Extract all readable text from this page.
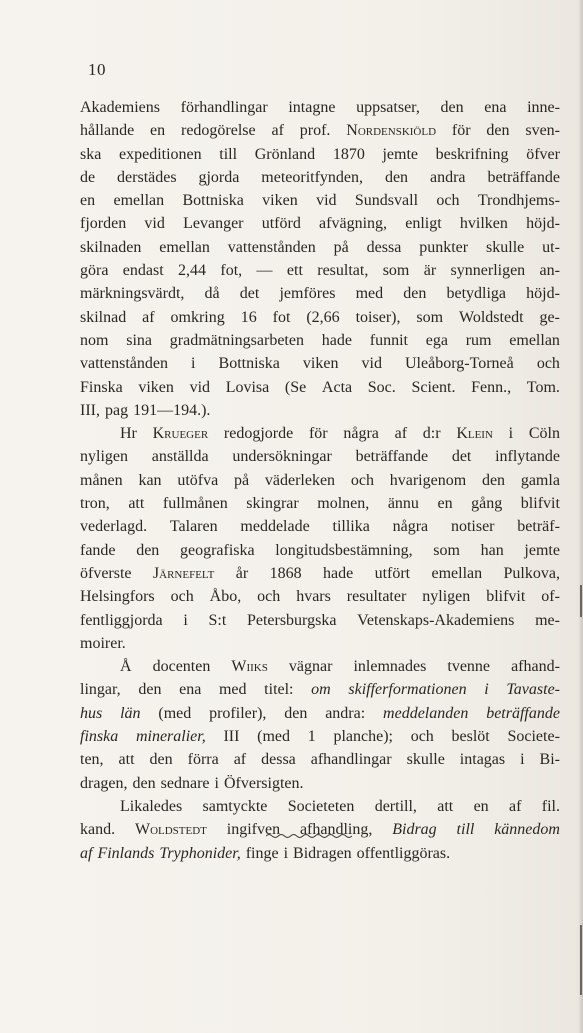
10
Akademiens förhandlingar intagne uppsatser, den ena inne-
hållande en redogörelse af prof. Nordenskiöld för den sven-
ska expeditionen till Grönland 1870 jemte beskrifning öfver
de derstädes gjorda meteoritfynden, den andra beträffande
en emellan Bottniska viken vid Sundsvall och Trondhjems-
fjorden vid Levanger utförd afvägning, enligt hvilken höjd-
skilnaden emellan vattenstånden på dessa punkter skulle ut-
göra endast 2,44 fot, — ett resultat, som är synnerligen an-
märkningsvärdt, då det jemföres med den betydliga höjd-
skilnad af omkring 16 fot (2,66 toiser), som Woldstedt ge-
nom sina gradmätningsarbeten hade funnit ega rum emellan
vattenstånden i Bottniska viken vid Uleåborg-Torneå och
Finska viken vid Lovisa (Se Acta Soc. Scient. Fenn., Tom.
III, pag 191—194.).
Hr Krueger redogjorde för några af d:r Klein i Cöln
nyligen anställda undersökningar beträffande det inflytande
månen kan utöfva på väderleken och hvarigenom den gamla
tron, att fullmånen skingrar molnen, ännu en gång blifvit
vederlagd. Talaren meddelade tillika några notiser beträf-
fande den geografiska longitudsbestämning, som han jemte
öfverste Järnefelt år 1868 hade utfört emellan Pulkova,
Helsingfors och Åbo, och hvars resultater nyligen blifvit of-
fentliggjorda i S:t Petersburgska Vetenskaps-Akademiens me-
moirer.
Å docenten Wiiks vägnar inlemnades tvenne afhand-
lingar, den ena med titel: om skifferformationen i Tavaste-
hus län (med profiler), den andra: meddelanden beträffande
finska mineralier, III (med 1 planche); och beslöt Societe-
ten, att den förra af dessa afhandlingar skulle intagas i Bi-
dragen, den sednare i Öfversigten.
Likaledes samtyckte Societeten dertill, att en af fil.
kand. Woldstedt ingifven afhandling, Bidrag till kännedom
af Finlands Tryphonider, finge i Bidragen offentliggöras.
